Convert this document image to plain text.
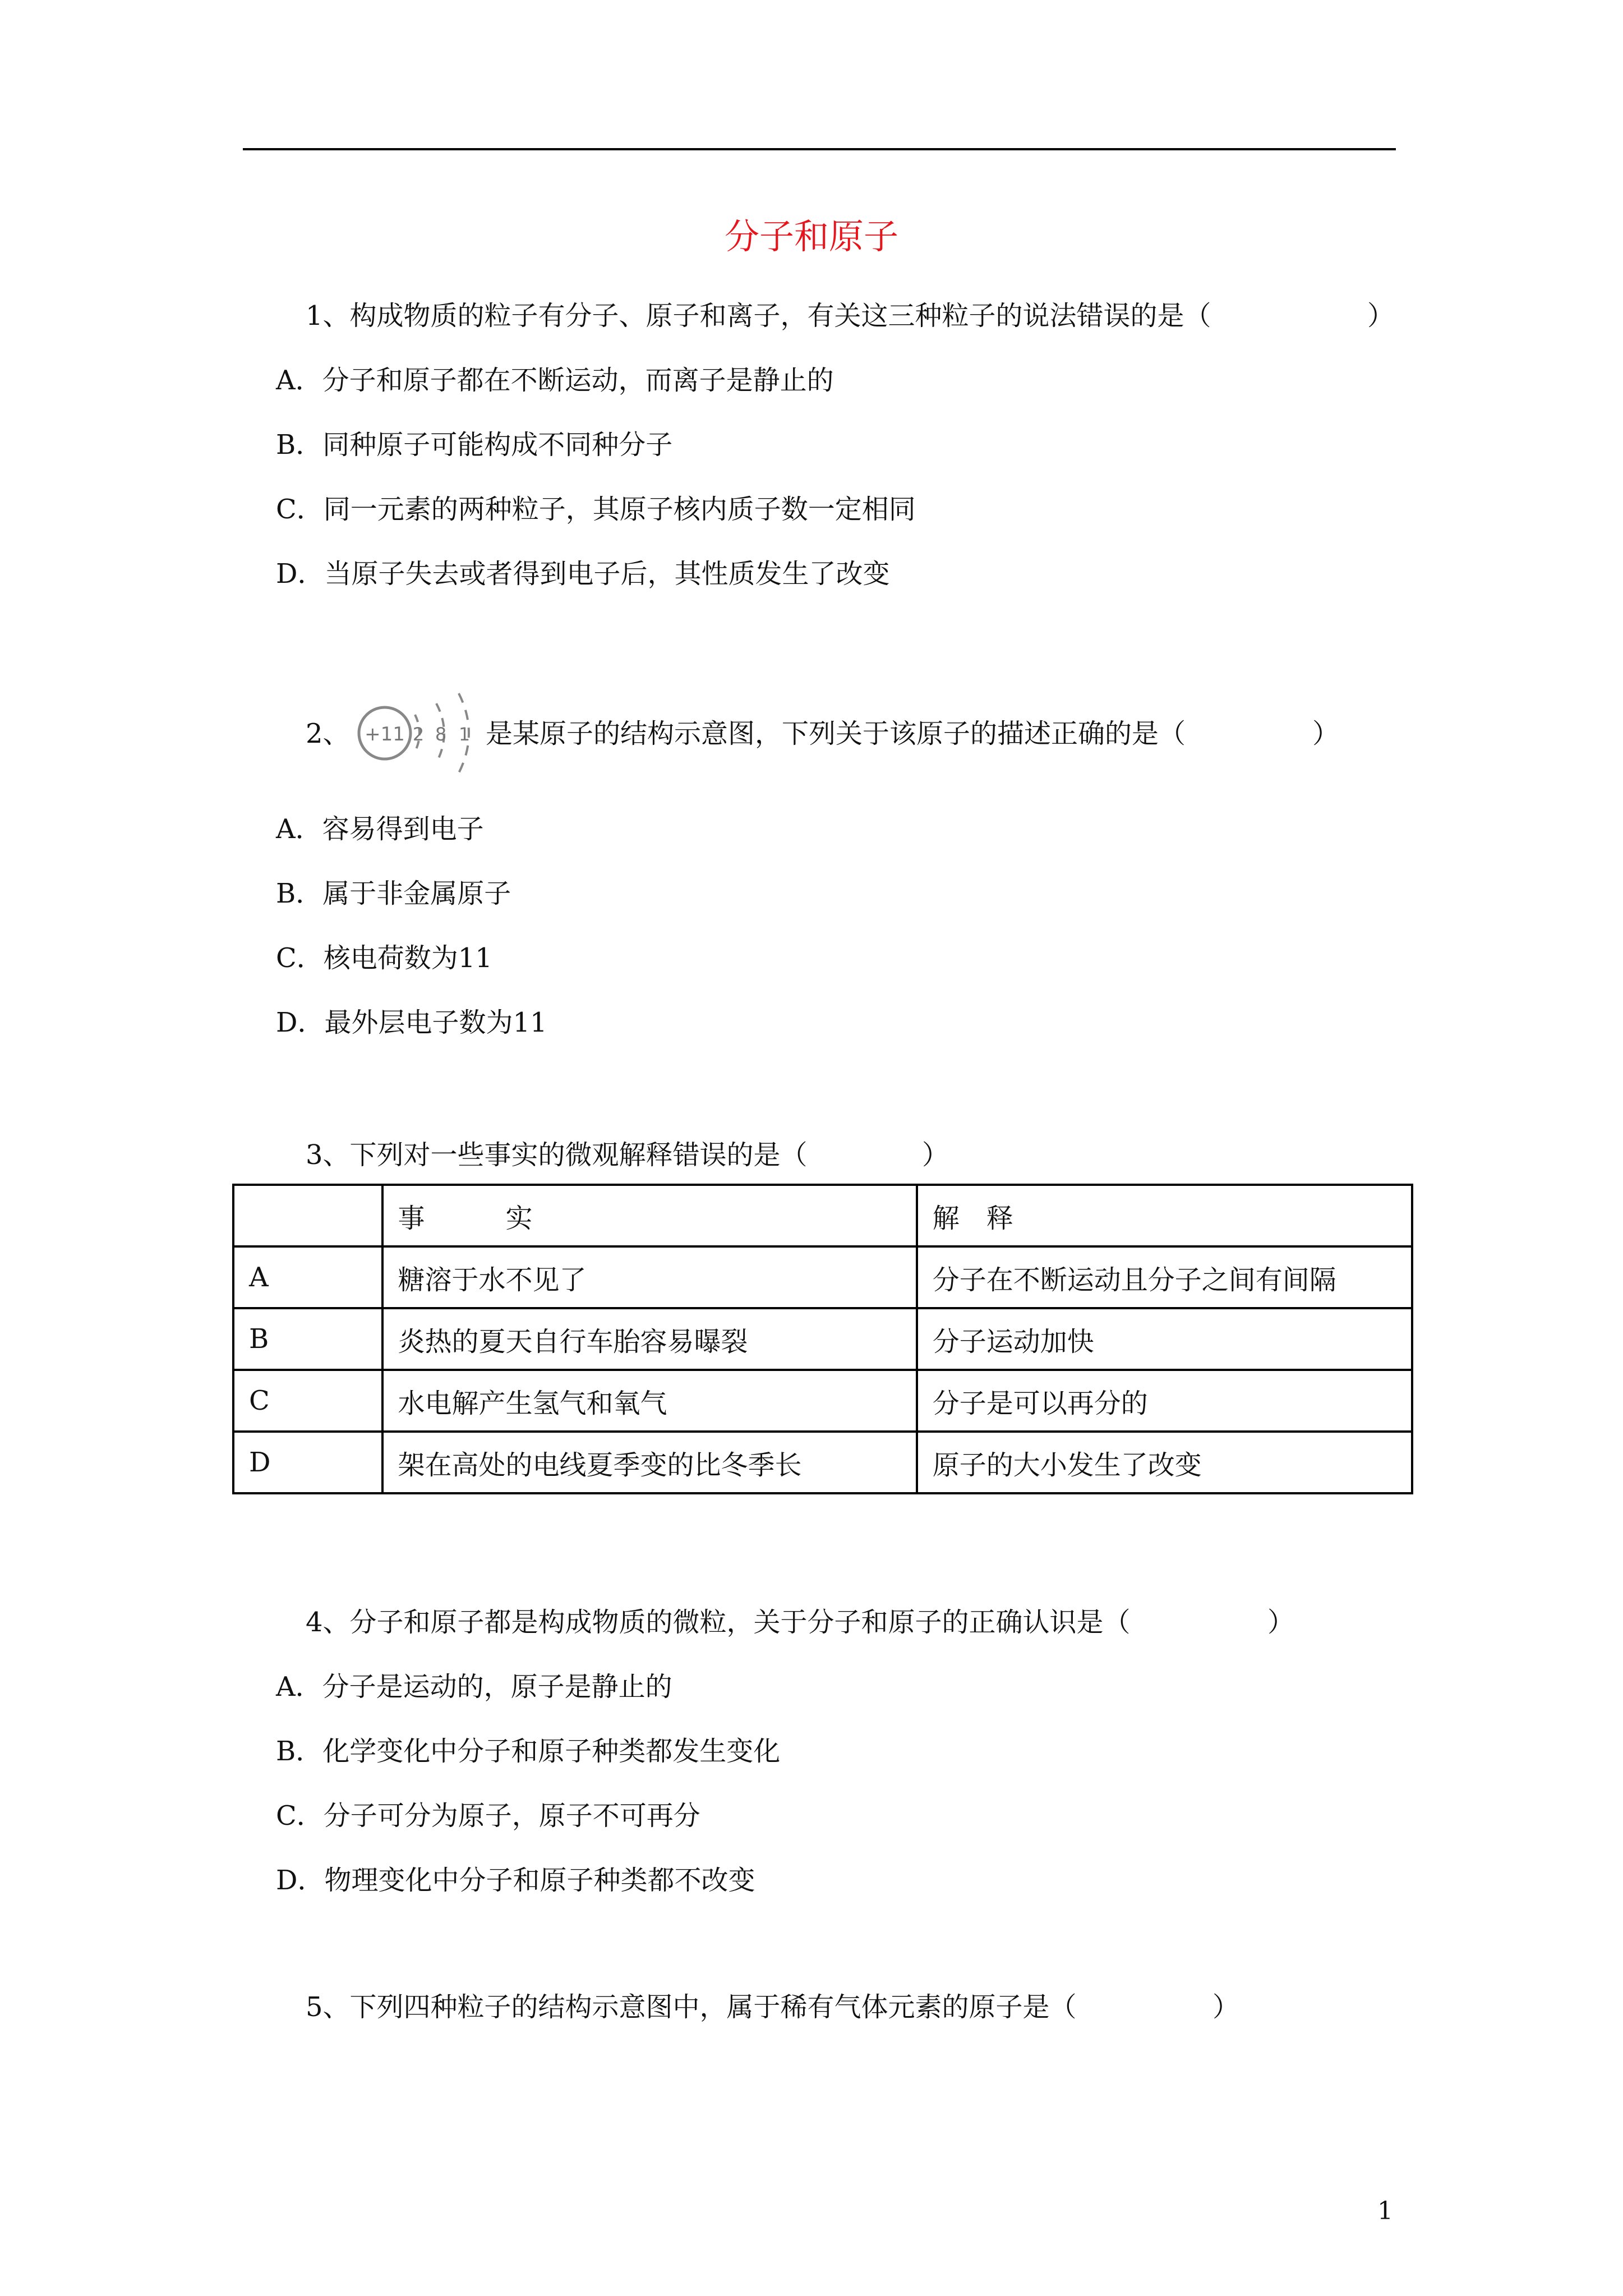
分子和原子
1、构成物质的粒子有分子、原子和离子，有关这三种粒子的说法错误的是（	）
A．分子和原子都在不断运动，而离子是静止的
B．同种原子可能构成不同种分子
C．同一元素的两种粒子，其原子核内质子数一定相同
D．当原子失去或者得到电子后，其性质发生了改变
2、 +11 2 8 1 是某原子的结构示意图，下列关于该原子的描述正确的是（	）
A．容易得到电子
B．属于非金属原子
C．核电荷数为11
D．最外层电子数为11
3、下列对一些事实的微观解释错误的是（	）
	事　　　实	解　释
A	糖溶于水不见了	分子在不断运动且分子之间有间隔
B	炎热的夏天自行车胎容易曝裂	分子运动加快
C	水电解产生氢气和氧气	分子是可以再分的
D	架在高处的电线夏季变的比冬季长	原子的大小发生了改变
4、分子和原子都是构成物质的微粒，关于分子和原子的正确认识是（	）
A．分子是运动的，原子是静止的
B．化学变化中分子和原子种类都发生变化
C．分子可分为原子，原子不可再分
D．物理变化中分子和原子种类都不改变
5、下列四种粒子的结构示意图中，属于稀有气体元素的原子是（	）
1
